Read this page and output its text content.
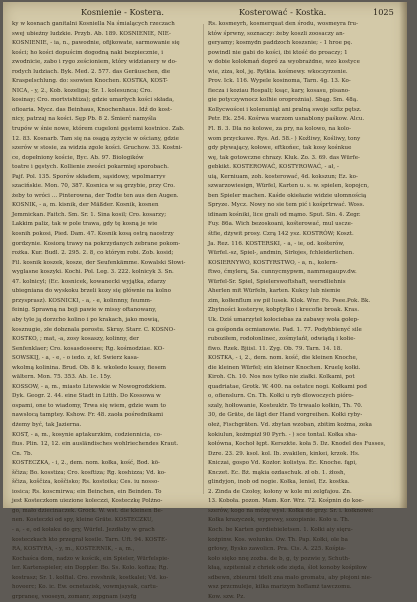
Kosnienie - Kostera.	Kosterować - Kostka.	1025
ky w kosnach ganitalni Kosniella Na śmialących rzeczach
swej ubieżny ludzkie. Przyb. Ab. 189. KOSNIENIE, NIE-
KOSNIENIE, - ia, n., pawodnie, ofijkowate, sarmowanie się
kości; ho kości dopuścim dogodną naki bezpiecznie, i
zwodnicie, zabo i rygo ześcioniem, który widzianery w do-
rodych ludziach. Byk. Med. 2. 577. das Geräuschen, die
Kraspelschlung. do: ssowien Knochen. KOSTKA, KOST-
NICA, - y, 2., Kob. kozeliga; Sr. 1. kolesunca; Cro.
kosinay; Cro. mortvishtiza); gdzie umarłych kości składa,
ofioaria. Mycz. das Beinhaus, Knochenhaus. Idź do kost-
nicy, patrzaj na kości. Sęp Pb. 8 2. Śmierć namyśla
trupów w śnie nowe, którem cugeloni gęstemi kostnice. Zab.
12. 83. Kosnarb. Tam się na osągą zyżycie w ościany, gdzie
szerów w stosie, za widzia zgole kości. Gruchow. 33. Kostni-
ce, dopełniony koście, Byc. Ab. 97. Biologików
toatre i gęstych. Kollienie zwości pokarmiej sporobach.
Pajf. Pol. 135. Sporów składem, sąsidowy, wpolmarryv
szacińskie. Mon. 70, 387. Kosnica w są grzybie, przy Cro.
żeby to wróci ... Pinterowna, der Todte ten aus den Augen.
KOSNIK, - a, m. kisnik, der Mäßder. Kosnik, kosnen
Jemmickan. Faitch. Sm. Sr. 1. Sina kosil; Cro. kosarzy;
Lakkim paliz, tak w pole trawa, gdy tę kosną je wie
kosnih pokosi, Pied. Dam. 47. Kosnik kosą ostrą naostrzy
gordzynie. Kosiorą trawy na pokrzydanych zebrane pokom-
rożka. Kur. Budl. 2. 295. 2. 8, co którym robi. Zob. kosid;
Fil. kosnik koszek, kosze, der Seufenkämme. Kowalski Słowi-
wyglasne koszyki. Kochi. Pol. Leg. 3. 222. kolnicyk 3. Sn.
47. kolnicyl; (Ec. kosnicek, kowanecki wyjątka, zdarzy
ubiegniana do wyskoku brzeli kozy się głównie na kolno
przysprasz). KOSNICKI, - a, - e, kolinnny, feumm-
feinig. Sprawną na boji pawie w missy oftanowany,
aby tyle ją dorzcho kolino i po krakach, jako mowią,
kosznugie, złe dobznala porostu. Skruy. Starr. C. KOSNO-
KOSTKO, ; mat, -a, zosy kosaszy, kolinny, der
Senfenklaer; Cro. kosasdoseere; Rg. kośmodziae. KO-
SOWSKIJ, - a, - e, - o iedo. z, kf. Swierz kasa-
wkolmą kolinina. Brud. Ob. 8 k. wkoledo ksasy, fiesem
wältern. Mon. 75. 353. Ab. 1c. 15y.
KOSSOW, - a, m., miasto Litewskie w Nowogrodzkiem.
Dyk. Geogr. 2. 44. eine Stadt in Litth. Do Kossowa w
ospami, one to wiadomy, Trwa się wiem, gdzie wam to
nawsłocą tamptey. Kshow. Fr. 48. zaoła pośrednikami
dżemy być, tak Jazierna.
KOST, - a, m., kosynie aptakurzkim, codziennicia, co-
fius. Plin. 12, 12. ein ausländisches wohlriechendes Kraut.
Cn. 7b.
KOSTECZKA, - i, 2., dem. nom. kołka, kość, Bod. kö-
ščiza; Bo. kosstiza; Cro. kosftiza; Rg. koshizza; Vd. ko-
ščiza, koščiza, koščisko; Rs. kostoika; Ces. iu nosso-
iosica; Rs. koscmirwa; ein Beinchen, ein Beinden. To
jest Kosteczkom uiezione koleczzi, Kosteczkę Polżno-
go, mało dziecinaczek. Grock. W. wst. die kleinen Be-
nen. Kosteczki od spy, kleine Gräte. KOSTECZKU,
- a, - e, od kołaku do gry, Würfel. Jezdłaby w grach
kosteczkach kto przegrał kosile. Tarn. Uft. 94. KOSTE-
RA, KOSTYRA, - y, m., KOSTERNIK, - a, m.,
Kochaśca dom, nadzo w kościk, ein Spieler, Würfelspie-
ler. Kartenspieler, ein Doppler. Bo. Ss. Kolo. kofiza; Rg.
kostrasz; Sr. 1. kolfial. Cro. rovshnik, kostkalei; Vd. ko-
hoveerc; Ko. ic. Ew. ocnetazisk, vowmjaysak, cartu-
grpraneę, vooseyn, zomanr, zopgnam (szyfg
Rs. kosmeyrh, kosmerquat den środu, wosmeyra fru-
któw śprwny, soznaczy: żeby koszli zoosaczy an-
geryamy; kosmydn paddzoch koszsnie; - 1 hroe pę.
powindl nie gabi do kości, ibi ktość do proaczy; 1
w dobie kolokmań dopró za wyobrażdne, wzo kostyce
wie, ziza, kol, ję. Rytkia. kośmewy. wkoczyrzenie.
Prov. Ick. 116. Wypele kosinoma, Tarn. 4g. 13. Ko-
fiecza i koziau Rospali; ksąc, kary, kosasu, pisano-
gie potyczywnocz kolhie oroprożnia). Sbąg. Sm. 48ą.
Kollycwoścei i kolenuniąt ani pralną swoje szfiz pętsz.
Petr. Ek. 254. Kośrwa warzom usnablony paśkow. Alcu.
Fl. B. 3. Dla no kolowe, za pry, na kolowo, na kolo-
wom przyckawe. Rys. Ad. 58.- ) Koźliwy, Kośliwy, tony
gdy pływający, kołowe, eftkońec, tak kosy kośnkue
wę, tak gotowczne chrazy. Kluk. Zo. 3. 69. das Würfe-
gebkikt. KOSTEROWAĆ, KOSTYROWAĆ, - ał, -
uią, Kerniuam, zoh. kosterować, 4d. kokszun; Ez. ko-
szwarzowiesign, Würfel, Karten u. s. w. spielen, kopojcn,
ben Spieler machen. Kaśde okiełazie widzie ułomnością
Spryze. Mycz. Nowy no sie tem pić i kośprtrwać. Woss.
idinam kośniki, lice grali od mąmo. Sput. Sin. 4. Zegr.
Fuy. 86a. Wich bezoskoani, kośterować, mul uscze-
śtfie, dżywit prosy. Czrą 142 ysz. KOSTRÓW; Koszt.
Ja. Rez. 116. KOSTERSKI, - a, - ie, od. kośterów,
Würfel.-sz, Spiel-, andmin, Sirłojes, fchleiderlichen.
KOSIERNYWO, KOSTYRSTWO, - a, n., kolern-
ftwo, ćmylerų, Sa. cunnycmypwm, namrnegaupv.dw.
Würfel-Sr. Spiel, Spielerswoftshaft, wersdliehnis
Aherlen mit Würfeln, karten. Kukcy lub niemie
zim, kołłenflum sw pił lusek. Klok. Wnr. Fo. Psee.Pok. Bk.
Zbytności kosteryw, kobptylko i krecofie broak. Kras.
Uk. Dziś umarzyteł kołociebas za zabawy woła gołep-
ca gośponda ocmianowie. Pad. 1. 77. Podyhbienyć sile
ruboziłem, rodołonlinec, zośmylańł, odwiądą i kołie-
fiwo. Rzek. Bjiisl. 11. Zyg. Ob. 79. Tarn. 14. 18.
KOSTKA, - i, 2., dem. nom. kość, die kleinen Knoche,
die kleinen Würfel; ein kleiner Knochen. Kruelę kołki.
Kiroh. Ch. 10. Nos nos tylko nie ziałki. Kolkami, pot
quadriatae, Grotk. W. 400. na ostatce nogi. Kołkami pod
o, ofienslurn. Cn. Th. Kołki u ryb dlowoczych pióro-
szaly, hołłowanie, Kosteuktr. To trwaalo kołkin, Th. 70.
30, de Gräte, de lägt der Hand vorgreihen. Kołki ryby-
ołeż, Fischgräten. Vd. zbytan wzoban, zbitim kożma, zeka
kokiulun, kożmpizł 90 Pyrh. - ) sce tontal. Kołka sha-
kołówna, Kochoł łępt. Kerszkte. koła 5. Dz. Knodel des Fusses,
Dzre. 23. 29. ksol. kol. Ib. zvakilen, kinkei, krzok. Hs.
Kniczai, gospo Vd. Kozłor. kolistya. Ec. Knoche. fąpi,
Knczet. Ec. Bż. mąkia ozdaschuk. zł ob. 1. żłosh,
glindyjon, inob od nogie. Kołka, leniel, Ez. kostka.
2. Zinda de Czołoy, kołony w kole mi zelgfajou. Zn.
13. Koboła. pozon. Mam. Kor. Wrz. 72. Kośpnin do koe-
szerów, kogo na mózę wysł. Kołka do grzy. Sr. i. kołknowe:
Kołka krazyczek, wyprewy, sozopisnie. Koło u. Th.
Koch. be Karten gordiebieletsen. 1. Kołki aiy sięru-
kożpinw. Kos. wolunko. Ow. Th. Pap. Kołki, ole ba
grłowy, Bysko zawolicn. Pra. Cis. A. 225. Kośpia-
koło sięko nnę zozba. de b, g, ty pozwie y, Schuth-
kłaą, szpiteniał z chriek ode zięda, ślot konoby kośpiłow
sdbewn, zbieurni tdelt zna mało gromatu, aby płojoni nie-
wsz przcmuleje, kilka marizym hoflamż tawczomu.
Kow. szw. Pz.
